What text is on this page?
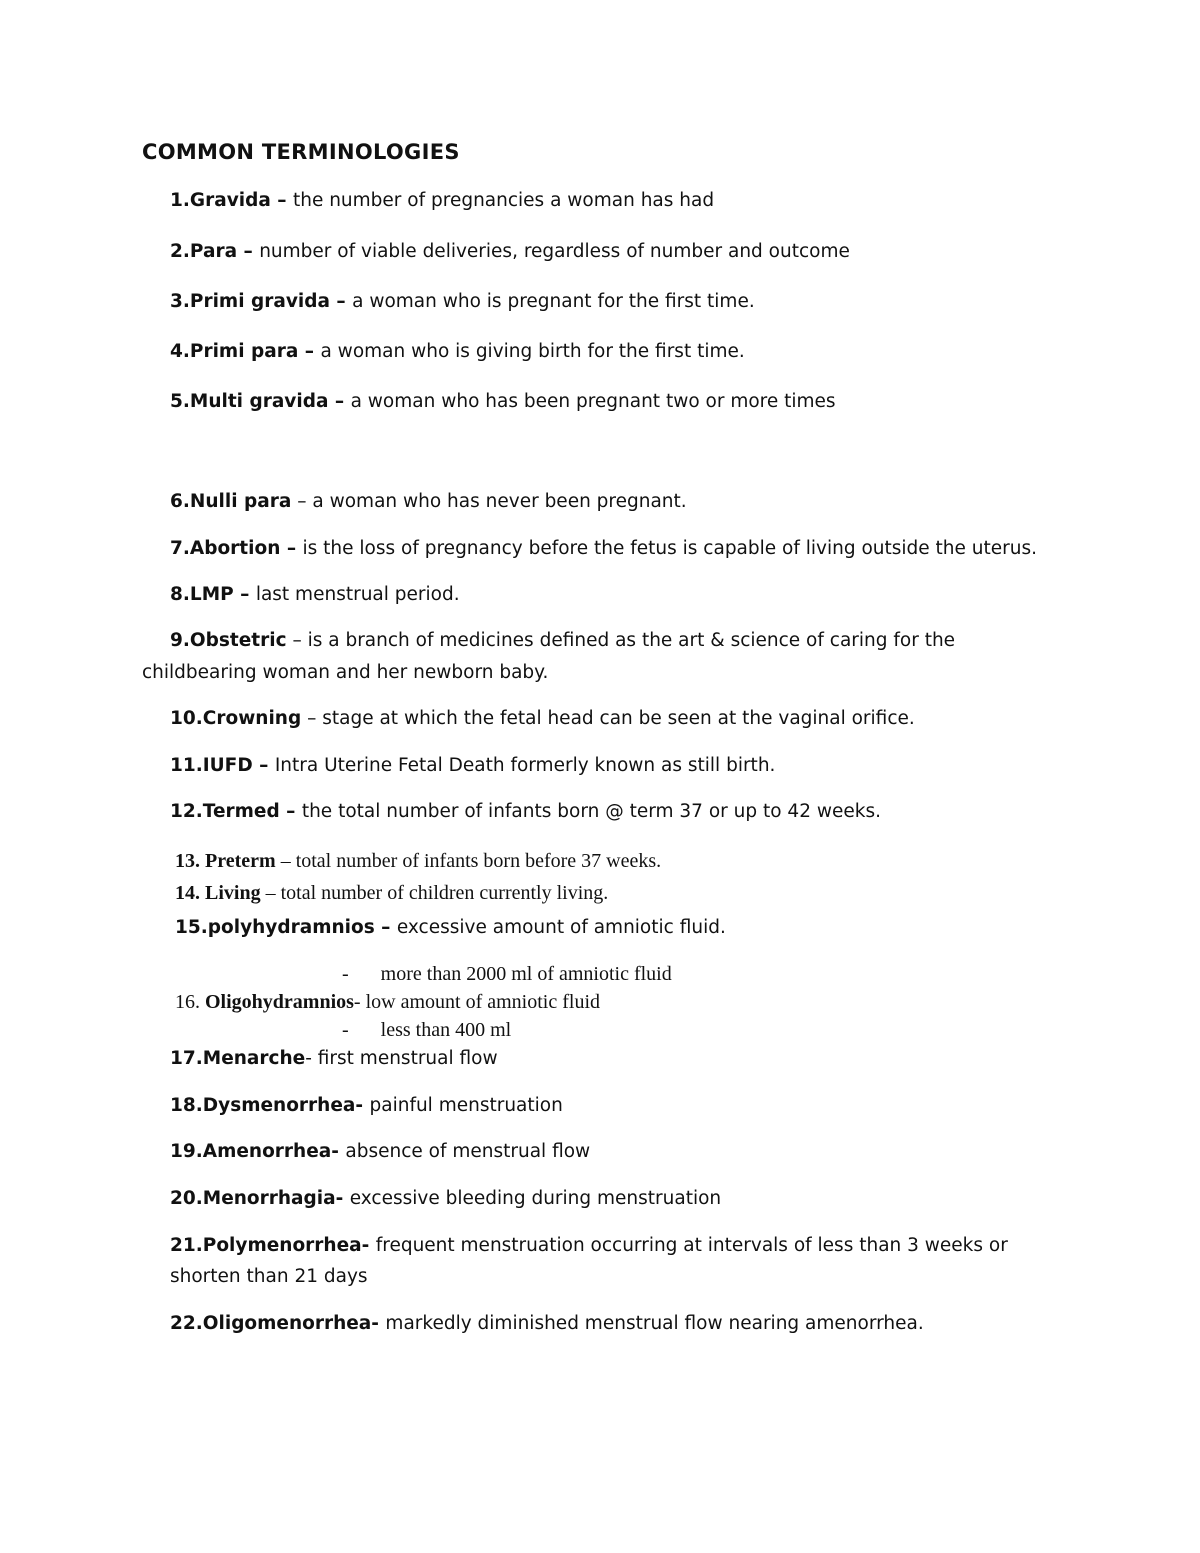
COMMON TERMINOLOGIES
1.Gravida – the number of pregnancies a woman has had
2.Para – number of viable deliveries, regardless of number and outcome
3.Primi gravida – a woman who is pregnant for the first time.
4.Primi para – a woman who is giving birth for the first time.
5.Multi gravida – a woman who has been pregnant two or more times
6.Nulli para – a woman who has never been pregnant.
7.Abortion – is the loss of pregnancy before the fetus is capable of living outside the uterus.
8.LMP – last menstrual period.
9.Obstetric – is a branch of medicines defined as the art & science of caring for the
childbearing woman and her newborn baby.
10.Crowning – stage at which the fetal head can be seen at the vaginal orifice.
11.IUFD – Intra Uterine Fetal Death formerly known as still birth.
12.Termed – the total number of infants born @ term 37 or up to 42 weeks.
13. Preterm – total number of infants born before 37 weeks.
14. Living – total number of children currently living.
15.polyhydramnios – excessive amount of amniotic fluid.
- more than 2000 ml of amniotic fluid
16. Oligohydramnios- low amount of amniotic fluid
- less than 400 ml
17.Menarche- first menstrual flow
18.Dysmenorrhea- painful menstruation
19.Amenorrhea- absence of menstrual flow
20.Menorrhagia- excessive bleeding during menstruation
21.Polymenorrhea- frequent menstruation occurring at intervals of less than 3 weeks or
shorten than 21 days
22.Oligomenorrhea- markedly diminished menstrual flow nearing amenorrhea.
